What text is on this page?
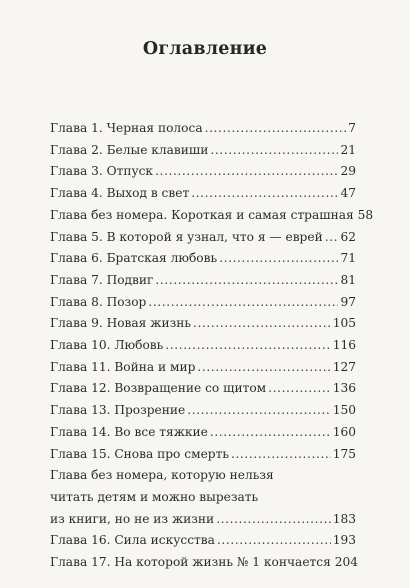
Оглавление
Глава 1. Черная полоса .....	7
Глава 2. Белые клавиши .....	21
Глава 3. Отпуск .....	29
Глава 4. Выход в свет .....	47
Глава без номера. Короткая и самая страшная 58
Глава 5. В которой я узнал, что я — еврей ..... 62
Глава 6. Братская любовь .....	71
Глава 7. Подвиг .....	81
Глава 8. Позор .....	97
Глава 9. Новая жизнь .....	105
Глава 10. Любовь .....	116
Глава 11. Война и мир .....	127
Глава 12. Возвращение со щитом .....	136
Глава 13. Прозрение .....	150
Глава 14. Во все тяжкие .....	160
Глава 15. Снова про смерть .....	175
Глава без номера, которую нельзя
читать детям и можно вырезать
из книги, но не из жизни .....	183
Глава 16. Сила искусства .....	193
Глава 17. На которой жизнь № 1 кончается 204
